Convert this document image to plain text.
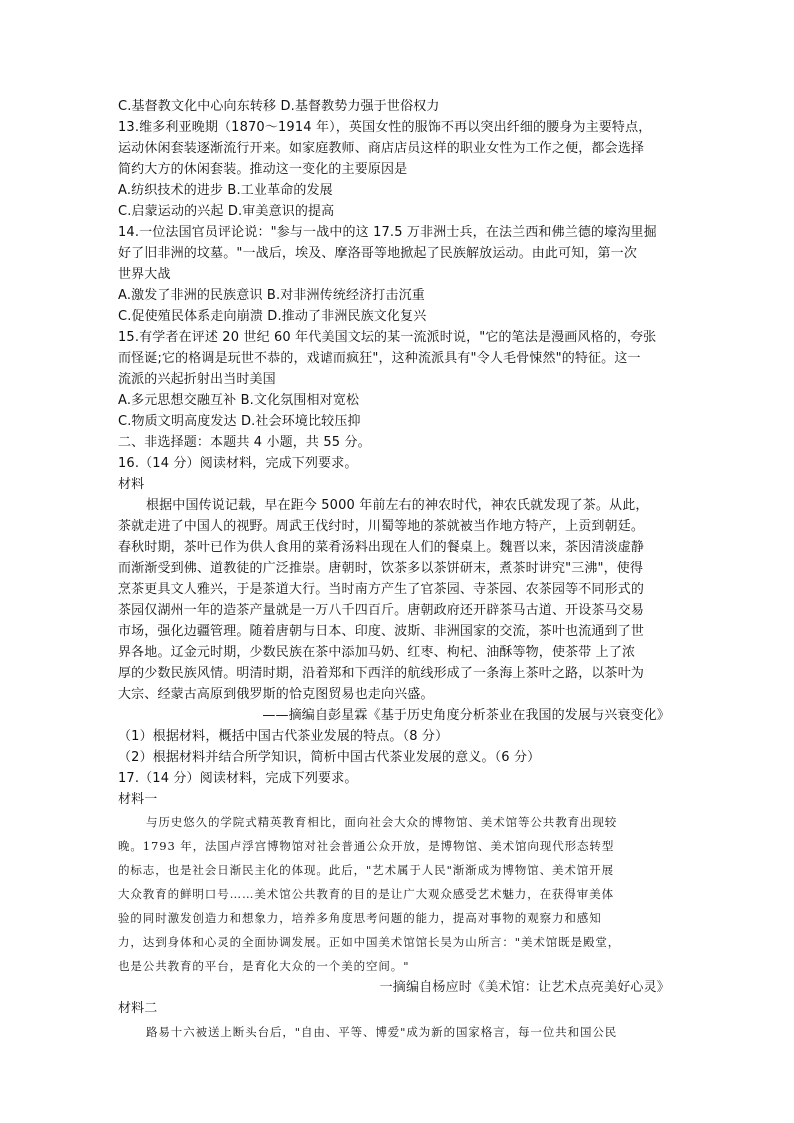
C.基督教文化中心向东转移 D.基督教势力强于世俗权力
13.维多利亚晚期（1870～1914 年），英国女性的服饰不再以突出纤细的腰身为主要特点，
运动休闲套装逐渐流行开来。如家庭教师、商店店员这样的职业女性为工作之便，都会选择
简约大方的休闲套装。推动这一变化的主要原因是
A.纺织技术的进步 B.工业革命的发展
C.启蒙运动的兴起 D.审美意识的提高
14.一位法国官员评论说："参与一战中的这 17.5 万非洲士兵，在法兰西和佛兰德的壕沟里掘
好了旧非洲的坟墓。"一战后，埃及、摩洛哥等地掀起了民族解放运动。由此可知，第一次
世界大战
A.激发了非洲的民族意识 B.对非洲传统经济打击沉重
C.促使殖民体系走向崩溃 D.推动了非洲民族文化复兴
15.有学者在评述 20 世纪 60 年代美国文坛的某一流派时说，"它的笔法是漫画风格的，夸张
而怪诞;它的格调是玩世不恭的，戏谑而疯狂"，这种流派具有"令人毛骨悚然"的特征。这一
流派的兴起折射出当时美国
A.多元思想交融互补 B.文化氛围相对宽松
C.物质文明高度发达 D.社会环境比较压抑
二、非选择题：本题共 4 小题，共 55 分。
16.（14 分）阅读材料，完成下列要求。
材料
根据中国传说记载，早在距今 5000 年前左右的神农时代，神农氏就发现了茶。从此，
茶就走进了中国人的视野。周武王伐纣时，川蜀等地的茶就被当作地方特产，上贡到朝廷。
春秋时期，茶叶已作为供人食用的菜肴汤料出现在人们的餐桌上。魏晋以来，茶因清淡虚静
而渐渐受到佛、道教徒的广泛推崇。唐朝时，饮茶多以茶饼研末，煮茶时讲究"三沸"，使得
烹茶更具文人雅兴，于是茶道大行。当时南方产生了官茶园、寺茶园、农茶园等不同形式的
茶园仅湖州一年的造茶产量就是一万八千四百斤。唐朝政府还开辟茶马古道、开设茶马交易
市场，强化边疆管理。随着唐朝与日本、印度、波斯、非洲国家的交流，茶叶也流通到了世
界各地。辽金元时期，少数民族在茶中添加马奶、红枣、枸杞、油酥等物，使茶带 上了浓
厚的少数民族风情。明清时期，沿着郑和下西洋的航线形成了一条海上茶叶之路，以茶叶为
大宗、经蒙古高原到俄罗斯的恰克图贸易也走向兴盛。
——摘编自彭星霖《基于历史角度分析茶业在我国的发展与兴衰变化》
（1）根据材料，概括中国古代茶业发展的特点。（8 分）
（2）根据材料并结合所学知识，简析中国古代茶业发展的意义。（6 分）
17.（14 分）阅读材料，完成下列要求。
材料一
与历史悠久的学院式精英教育相比，面向社会大众的博物馆、美术馆等公共教育出现较
晚。1793 年，法国卢浮宫博物馆对社会普通公众开放，是博物馆、美术馆向现代形态转型
的标志，也是社会日渐民主化的体现。此后，"艺术属于人民"渐渐成为博物馆、美术馆开展
大众教育的鲜明口号……美术馆公共教育的目的是让广大观众感受艺术魅力，在获得审美体
验的同时激发创造力和想象力，培养多角度思考问题的能力，提高对事物的观察力和感知
力，达到身体和心灵的全面协调发展。正如中国美术馆馆长吴为山所言："美术馆既是殿堂，
也是公共教育的平台，是育化大众的一个美的空间。"
一摘编自杨应时《美术馆：让艺术点亮美好心灵》
材料二
路易十六被送上断头台后，"自由、平等、博爱"成为新的国家格言，每一位共和国公民
